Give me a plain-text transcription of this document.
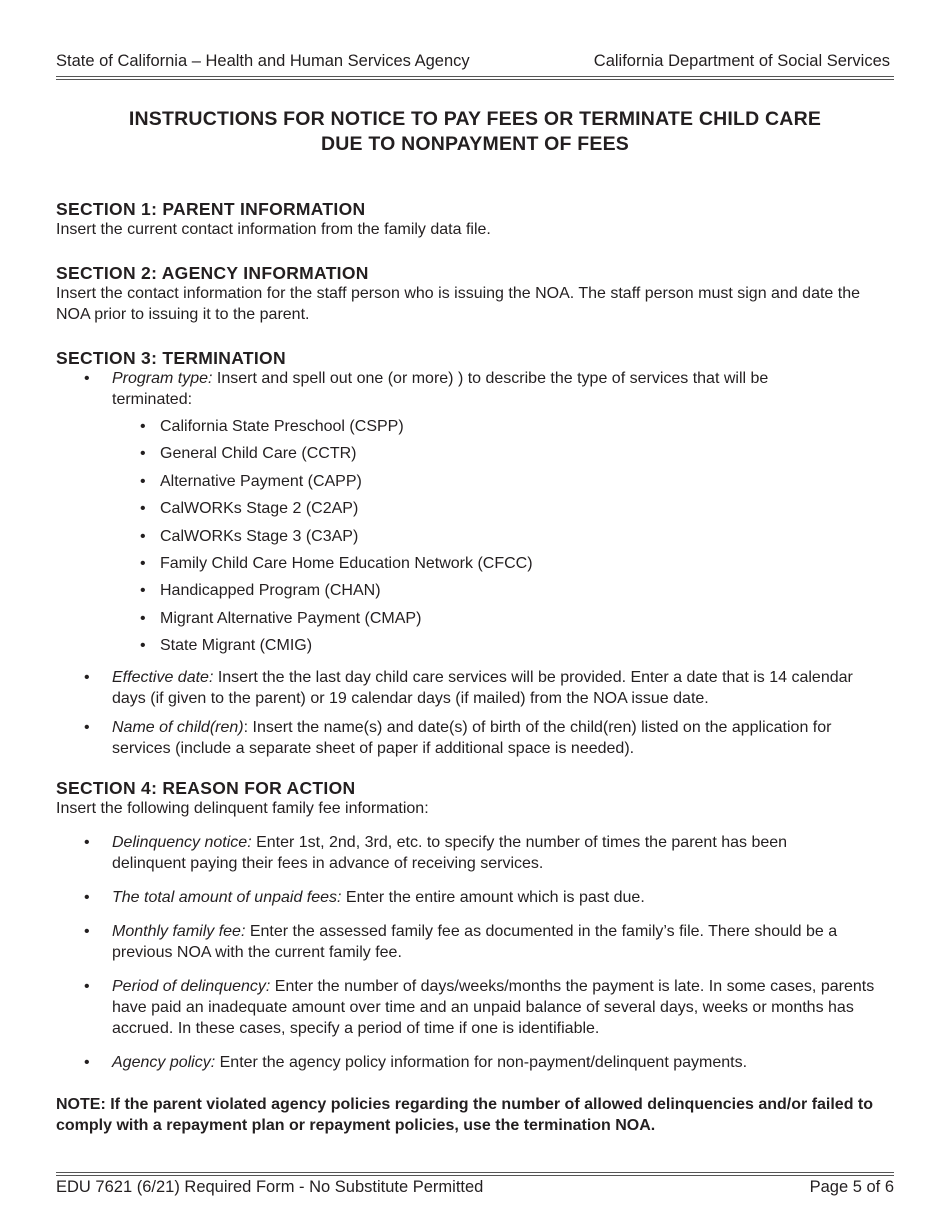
State of California – Health and Human Services Agency	California Department of Social Services
INSTRUCTIONS FOR NOTICE TO PAY FEES OR TERMINATE CHILD CARE
DUE TO NONPAYMENT OF FEES
SECTION 1: PARENT INFORMATION

Insert the current contact information from the family data file.

SECTION 2: AGENCY INFORMATION

Insert the contact information for the staff person who is issuing the NOA. The staff person must sign and date the NOA prior to issuing it to the parent.

SECTION 3: TERMINATION
• Program type: Insert and spell out one (or more) ) to describe the type of services that will be terminated:
• California State Preschool (CSPP)
• General Child Care (CCTR)
• Alternative Payment (CAPP)
• CalWORKs Stage 2 (C2AP)
• CalWORKs Stage 3 (C3AP)
• Family Child Care Home Education Network (CFCC)
• Handicapped Program (CHAN)
• Migrant Alternative Payment (CMAP)
• State Migrant (CMIG)
• Effective date: Insert the the last day child care services will be provided. Enter a date that is 14 calendar days (if given to the parent) or 19 calendar days (if mailed) from the NOA issue date.
• Name of child(ren): Insert the name(s) and date(s) of birth of the child(ren) listed on the application for services (include a separate sheet of paper if additional space is needed).
SECTION 4: REASON FOR ACTION

Insert the following delinquent family fee information:

• Delinquency notice: Enter 1st, 2nd, 3rd, etc. to specify the number of times the parent has been delinquent paying their fees in advance of receiving services.
• The total amount of unpaid fees: Enter the entire amount which is past due.
• Monthly family fee: Enter the assessed family fee as documented in the family’s file. There should be a previous NOA with the current family fee.
• Period of delinquency: Enter the number of days/weeks/months the payment is late. In some cases, parents have paid an inadequate amount over time and an unpaid balance of several days, weeks or months has accrued. In these cases, specify a period of time if one is identifiable.
• Agency policy: Enter the agency policy information for non-payment/delinquent payments.
NOTE: If the parent violated agency policies regarding the number of allowed delinquencies and/or failed to comply with a repayment plan or repayment policies, use the termination NOA.
EDU 7621 (6/21) Required Form - No Substitute Permitted	Page 5 of 6
